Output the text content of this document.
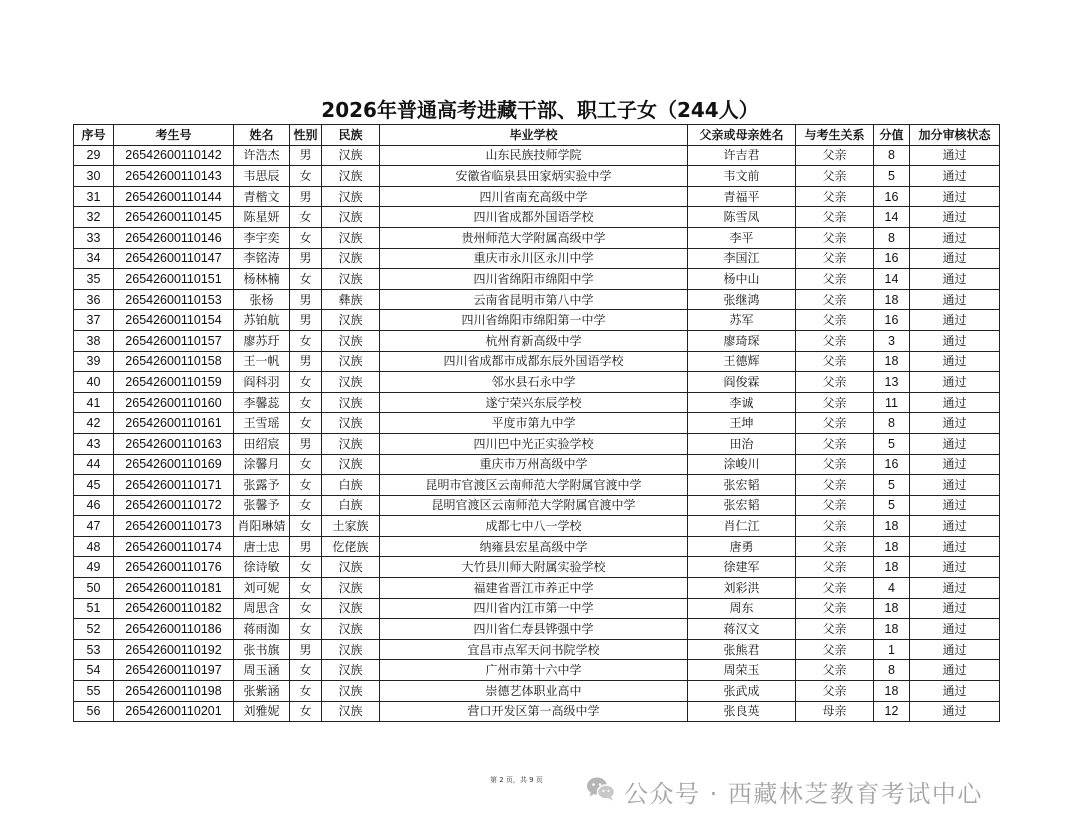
2026年普通高考进藏干部、职工子女（244人）
序号	考生号	姓名	性别	民族	毕业学校	父亲或母亲姓名	与考生关系	分值	加分审核状态
29	26542600110142	许浩杰	男	汉族	山东民族技师学院	许吉君	父亲	8	通过
30	26542600110143	韦思辰	女	汉族	安徽省临泉县田家炳实验中学	韦文前	父亲	5	通过
31	26542600110144	青楷文	男	汉族	四川省南充高级中学	青福平	父亲	16	通过
32	26542600110145	陈星妍	女	汉族	四川省成都外国语学校	陈雪凤	父亲	14	通过
33	26542600110146	李宇奕	女	汉族	贵州师范大学附属高级中学	李平	父亲	8	通过
34	26542600110147	李铭涛	男	汉族	重庆市永川区永川中学	李国江	父亲	16	通过
35	26542600110151	杨林楠	女	汉族	四川省绵阳市绵阳中学	杨中山	父亲	14	通过
36	26542600110153	张杨	男	彝族	云南省昆明市第八中学	张继鸿	父亲	18	通过
37	26542600110154	苏铂航	男	汉族	四川省绵阳市绵阳第一中学	苏军	父亲	16	通过
38	26542600110157	廖苏玗	女	汉族	杭州育新高级中学	廖琦琛	父亲	3	通过
39	26542600110158	王一帆	男	汉族	四川省成都市成都东辰外国语学校	王德辉	父亲	18	通过
40	26542600110159	阎科羽	女	汉族	邻水县石永中学	阎俊霖	父亲	13	通过
41	26542600110160	李馨蕊	女	汉族	遂宁荣兴东辰学校	李诚	父亲	11	通过
42	26542600110161	王雪瑶	女	汉族	平度市第九中学	王坤	父亲	8	通过
43	26542600110163	田绍宸	男	汉族	四川巴中光正实验学校	田治	父亲	5	通过
44	26542600110169	涂馨月	女	汉族	重庆市万州高级中学	涂峻川	父亲	16	通过
45	26542600110171	张露予	女	白族	昆明市官渡区云南师范大学附属官渡中学	张宏韬	父亲	5	通过
46	26542600110172	张馨予	女	白族	昆明官渡区云南师范大学附属官渡中学	张宏韬	父亲	5	通过
47	26542600110173	肖阳琳婧	女	土家族	成都七中八一学校	肖仁江	父亲	18	通过
48	26542600110174	唐士忠	男	仡佬族	纳雍县宏星高级中学	唐勇	父亲	18	通过
49	26542600110176	徐诗敏	女	汉族	大竹县川师大附属实验学校	徐建军	父亲	18	通过
50	26542600110181	刘可妮	女	汉族	福建省晋江市养正中学	刘彩洪	父亲	4	通过
51	26542600110182	周思含	女	汉族	四川省内江市第一中学	周东	父亲	18	通过
52	26542600110186	蒋雨洳	女	汉族	四川省仁寿县铧强中学	蒋汉文	父亲	18	通过
53	26542600110192	张书旗	男	汉族	宜昌市点军天问书院学校	张熊君	父亲	1	通过
54	26542600110197	周玉涵	女	汉族	广州市第十六中学	周荣玉	父亲	8	通过
55	26542600110198	张紫涵	女	汉族	崇德艺体职业高中	张武成	父亲	18	通过
56	26542600110201	刘雅妮	女	汉族	营口开发区第一高级中学	张良英	母亲	12	通过
第 2 页，共 9 页	公众号 · 西藏林芝教育考试中心
